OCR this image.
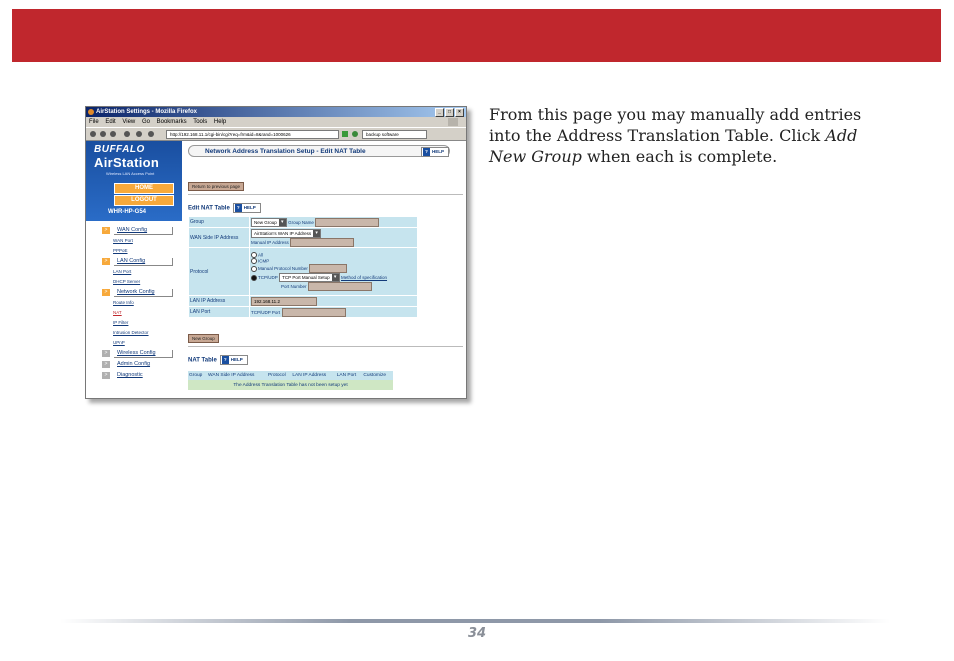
From this page you may manually add entries into the Address Translation Table. Click Add New Group when each is complete.
AirStation Settings - Mozilla Firefox	_	□	×
File Edit View Go Bookmarks Tools Help
http://192.168.11.1/cgi-bin/cgi?req=frm&id=8&rand=1000626	backup software
BUFFALO
AirStation
Wireless LAN Access Point
HOME
LOGOUT
WHR-HP-G54
>	WAN Config
WAN Port
PPPoE
>	LAN Config
LAN Port
DHCP Server
>	Network Config
Route Info
NAT
IP Filter
Intrusion Detector
UPnP
>	Wireless Config
>	Admin Config
>	Diagnostic
Network Address Translation Setup - Edit NAT Table	? HELP
Return to previous page
Edit NAT Table	? HELP
Group	New Group ▾ Group Name
WAN Side IP Address	AirStation's WAN IP Address ▾
Manual IP Address
Protocol	All
ICMP
Manual Protocol Number
TCP/UDP TCP Port Manual Setup ▾ Method of specification
Port Number

LAN IP Address	192.168.11.2
LAN Port	TCP/UDP Port
New Group
NAT Table	? HELP
Group	WAN Side IP Address	Protocol	LAN IP Address	LAN Port	Customize
The Address Translation Table has not been setup yet
34
